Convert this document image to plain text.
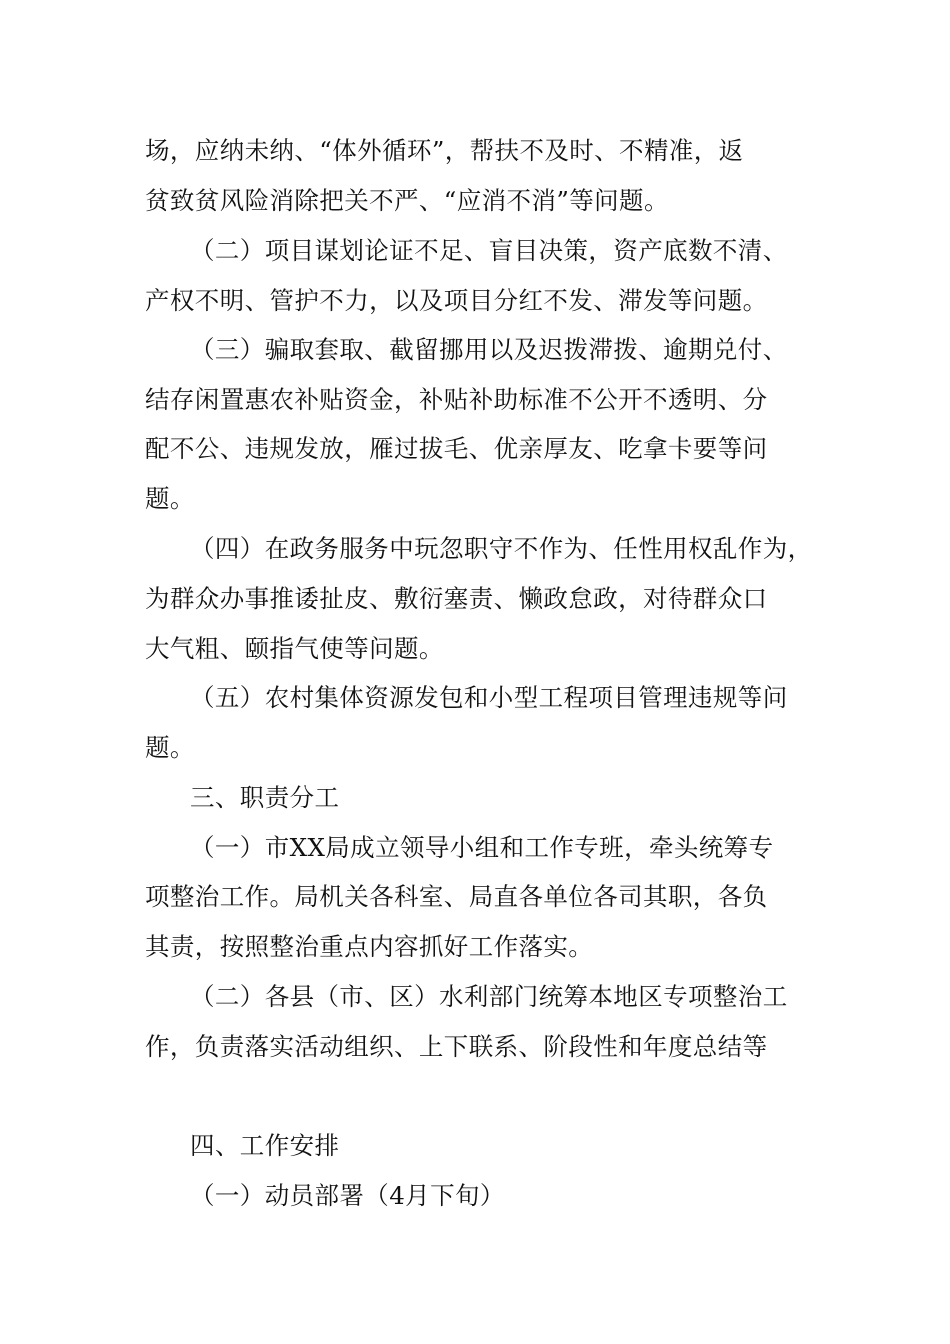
场，应纳未纳、“体外循环”，帮扶不及时、不精准，返
贫致贫风险消除把关不严、“应消不消”等问题。
（二）项目谋划论证不足、盲目决策，资产底数不清、
产权不明、管护不力，以及项目分红不发、滞发等问题。
（三）骗取套取、截留挪用以及迟拨滞拨、逾期兑付、
结存闲置惠农补贴资金，补贴补助标准不公开不透明、分
配不公、违规发放，雁过拔毛、优亲厚友、吃拿卡要等问
题。
（四）在政务服务中玩忽职守不作为、任性用权乱作为，
为群众办事推诿扯皮、敷衍塞责、懒政怠政，对待群众口
大气粗、颐指气使等问题。
（五）农村集体资源发包和小型工程项目管理违规等问
题。
三、职责分工
（一）市XX局成立领导小组和工作专班，牵头统筹专
项整治工作。局机关各科室、局直各单位各司其职，各负
其责，按照整治重点内容抓好工作落实。
（二）各县（市、区）水利部门统筹本地区专项整治工
作，负责落实活动组织、上下联系、阶段性和年度总结等
四、工作安排
（一）动员部署（4月下旬）
